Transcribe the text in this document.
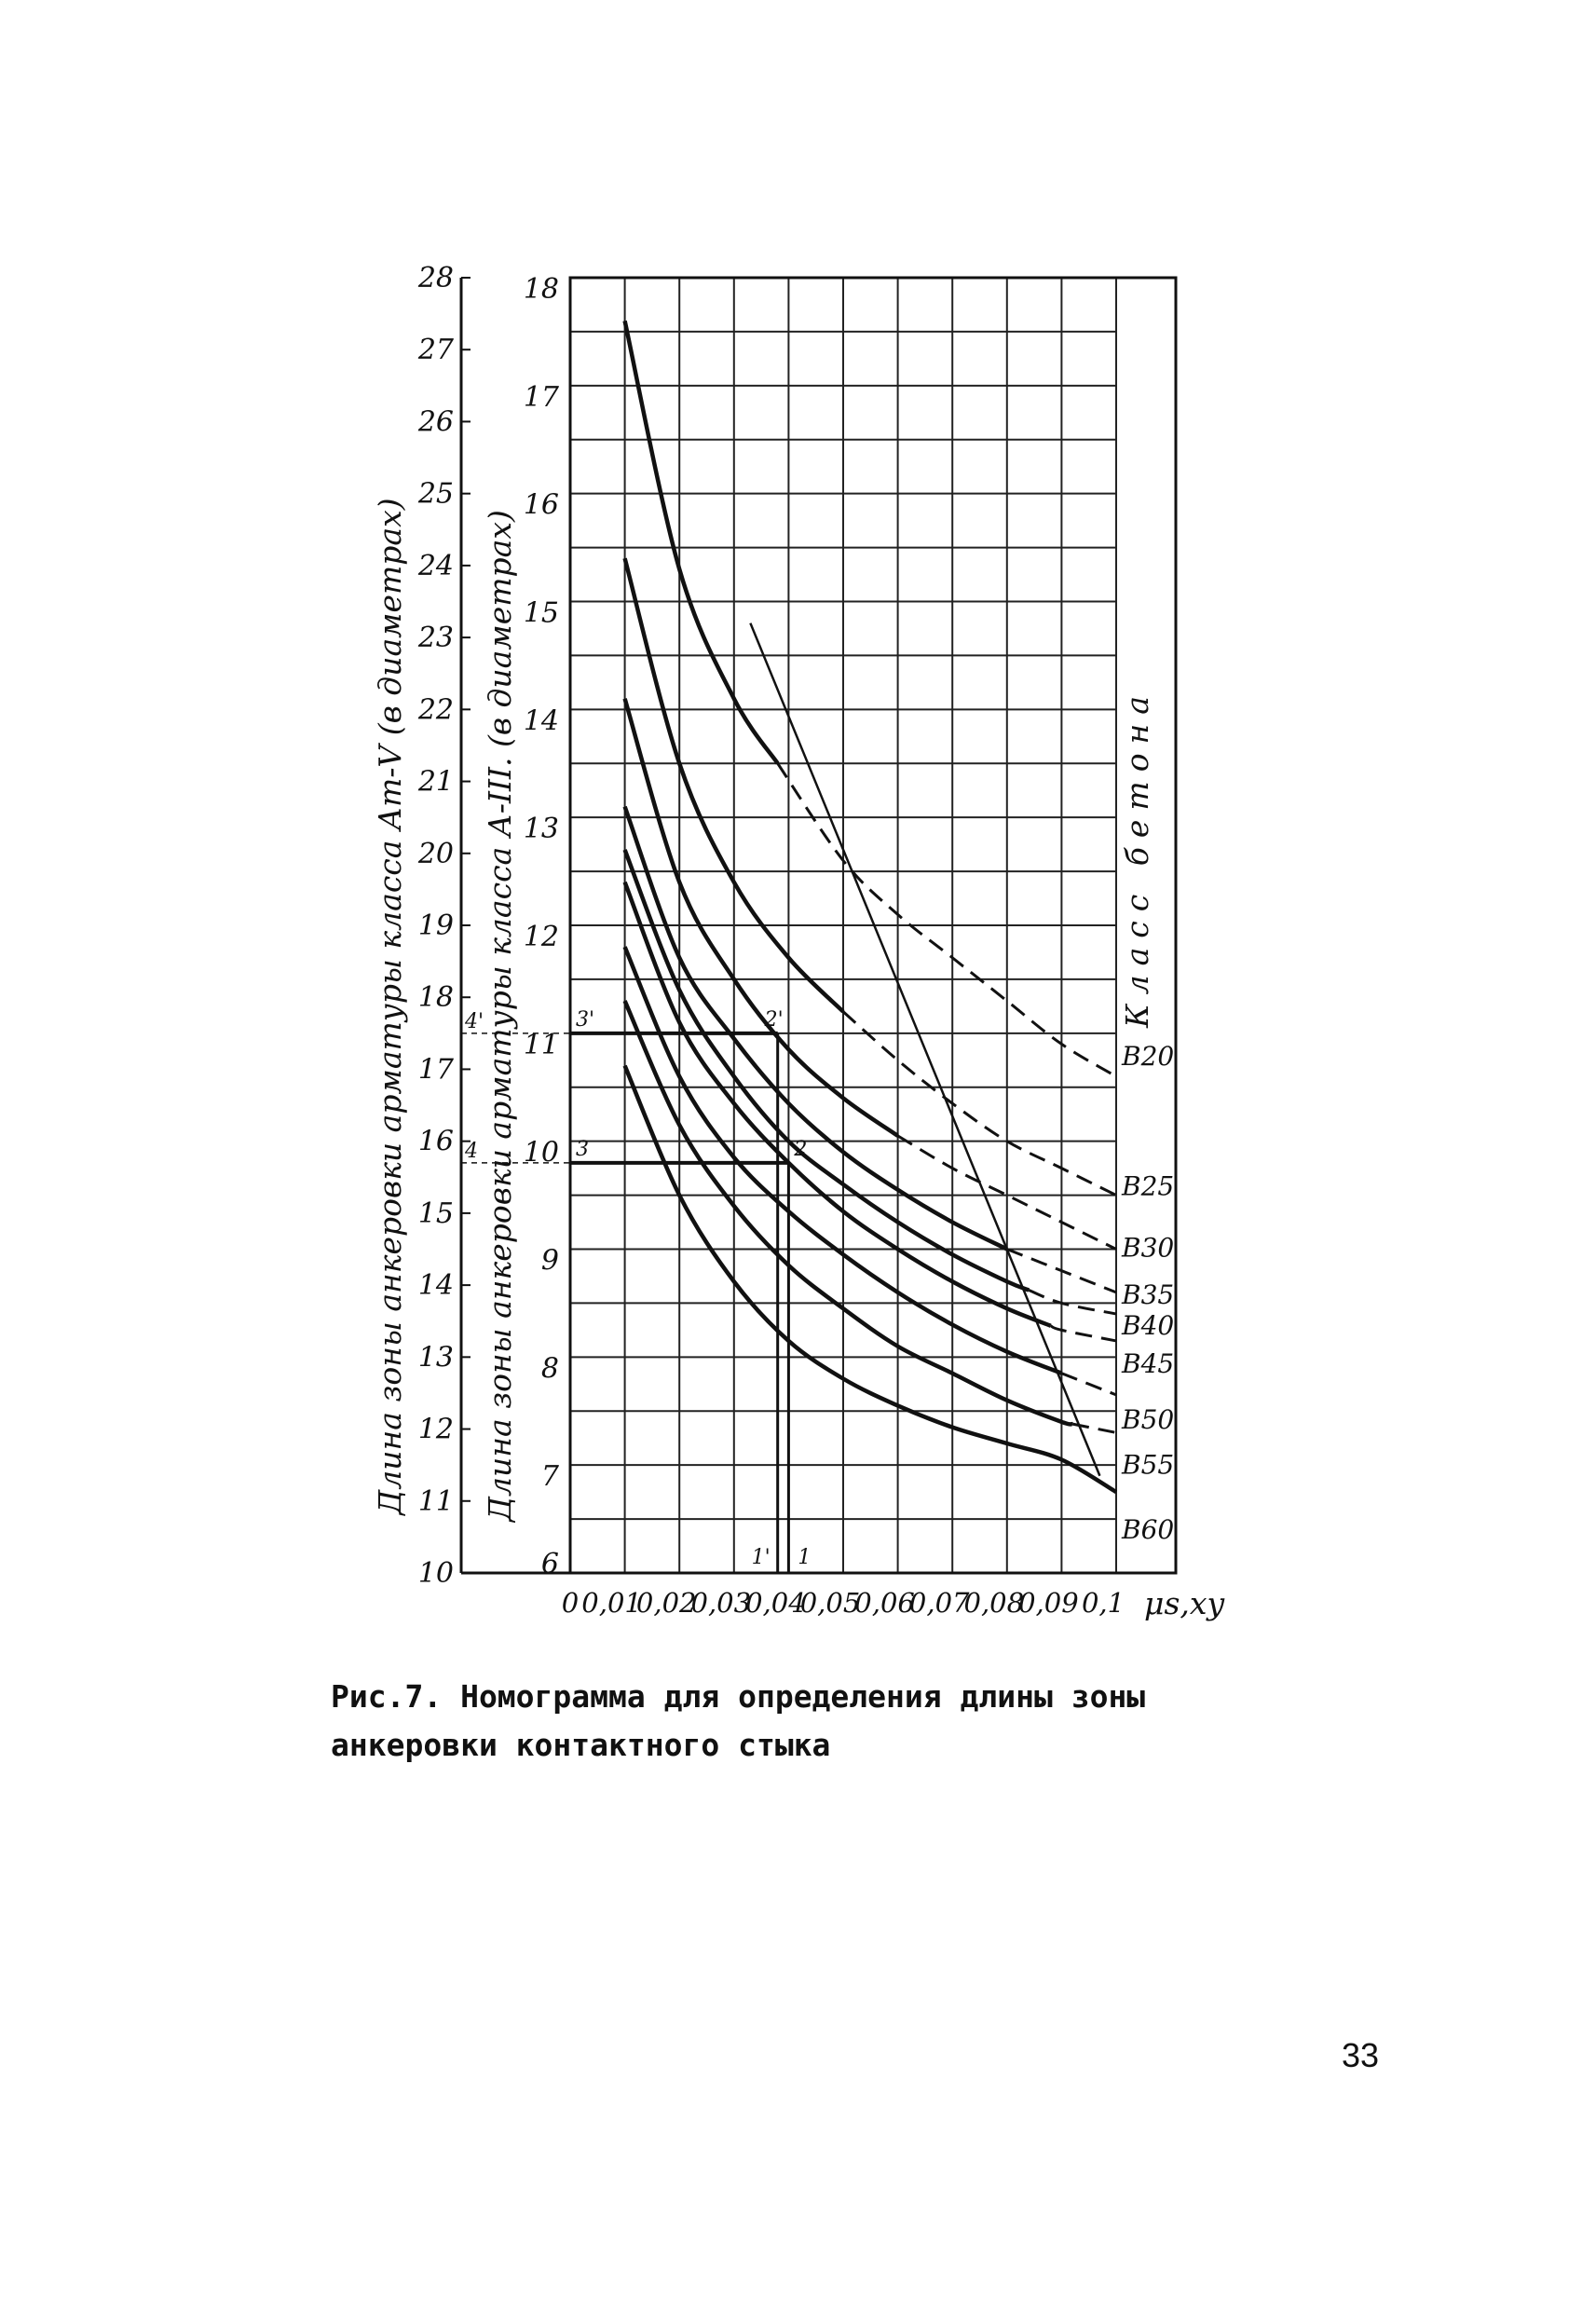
6
7
8
9
10
11
12
13
14
15
16
17
18
10
11
12
13
14
15
16
17
18
19
20
21
22
23
24
25
26
27
28
0 0,01
0,02
0,03
0,04
0,05
0,06
0,07
0,08
0,09 0,1 μs,xy
Длина зоны анкеровки арматуры класса Ат-V (в диаметрах) Длина зоны анкеровки арматуры класса А-III. (в диаметрах)	Класс бетона
B20
B25
B30
B35
B40
B45
B50
B55
B60
3'	2'
1'
4'
3	2
1
4

Рис.7. Номограмма для определения длины зоны анкеровки контактного стыка

33
